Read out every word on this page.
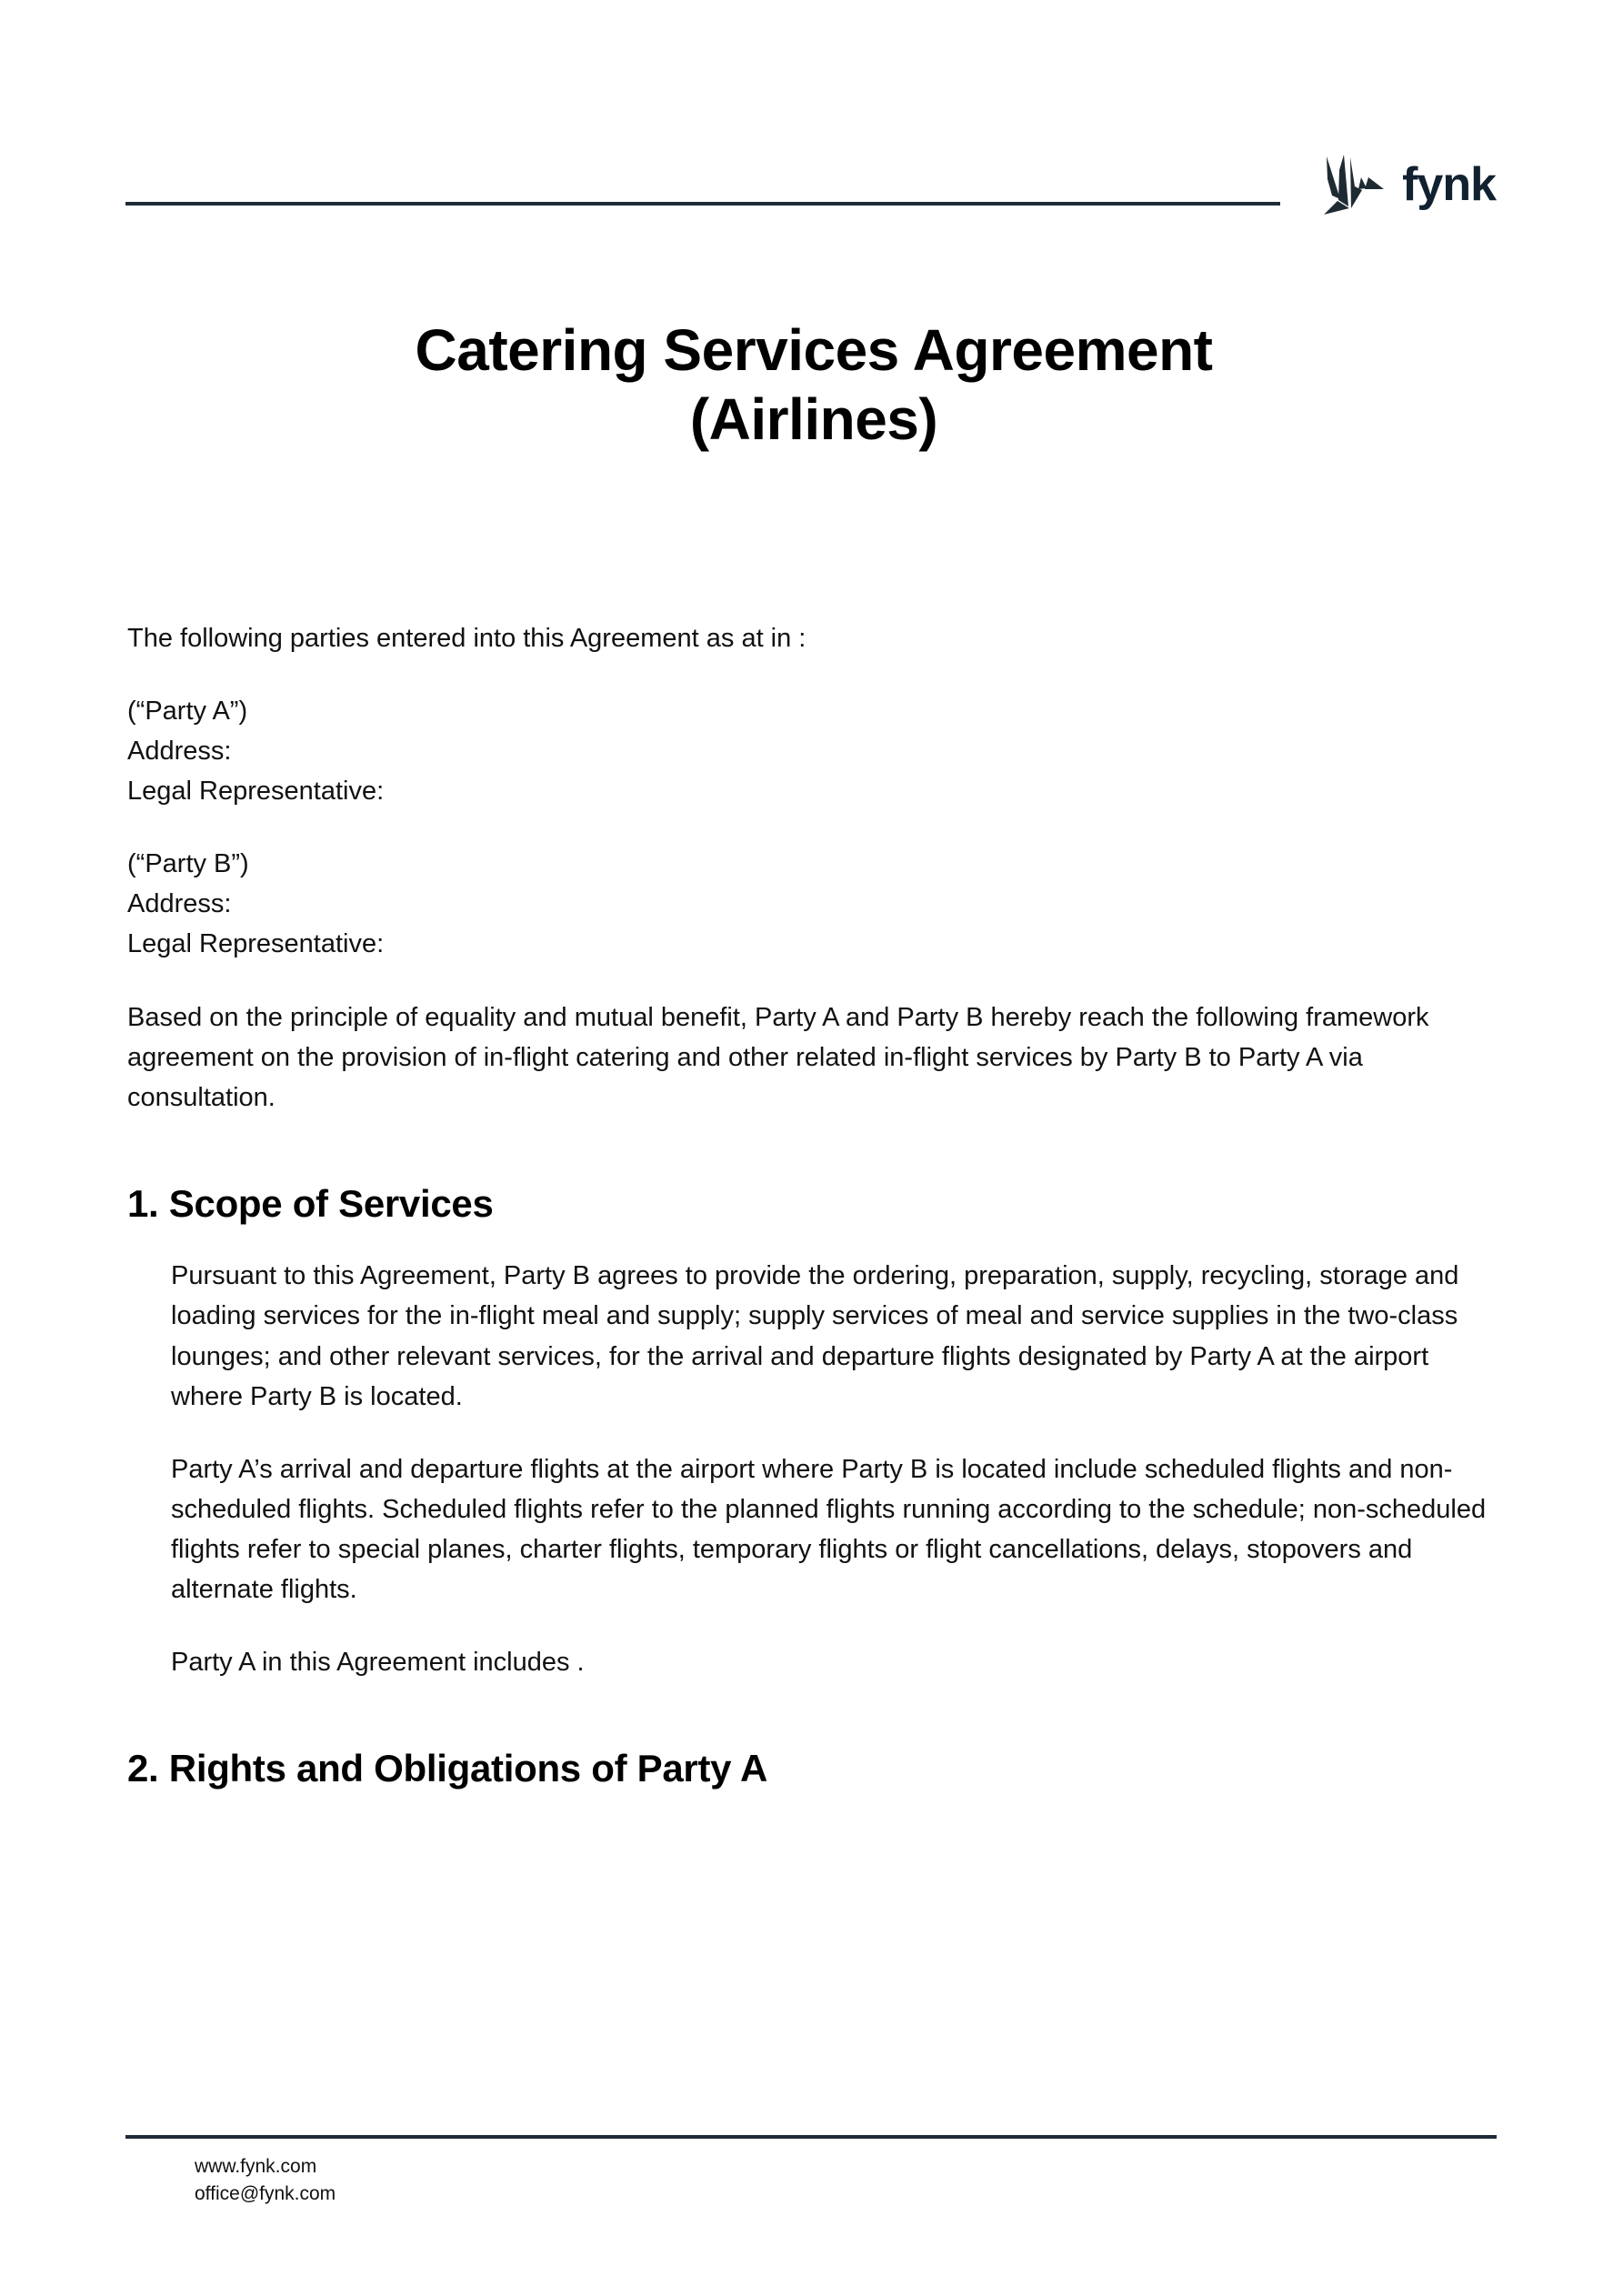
fynk
Catering Services Agreement
(Airlines)

The following parties entered into this Agreement as at in :

(“Party A”)
Address:
Legal Representative:
(“Party B”)
Address:
Legal Representative:

Based on the principle of equality and mutual benefit, Party A and Party B hereby reach the following framework agreement on the provision of in-flight catering and other related in-flight services by Party B to Party A via consultation.

1. Scope of Services

Pursuant to this Agreement, Party B agrees to provide the ordering, preparation, supply, recycling, storage and loading services for the in-flight meal and supply; supply services of meal and service supplies in the two-class lounges; and other relevant services, for the arrival and departure flights designated by Party A at the airport where Party B is located.

Party A’s arrival and departure flights at the airport where Party B is located include scheduled flights and non-scheduled flights. Scheduled flights refer to the planned flights running according to the schedule; non-scheduled flights refer to special planes, charter flights, temporary flights or flight cancellations, delays, stopovers and alternate flights.

Party A in this Agreement includes .

2. Rights and Obligations of Party A
www.fynk.com
office@fynk.com
